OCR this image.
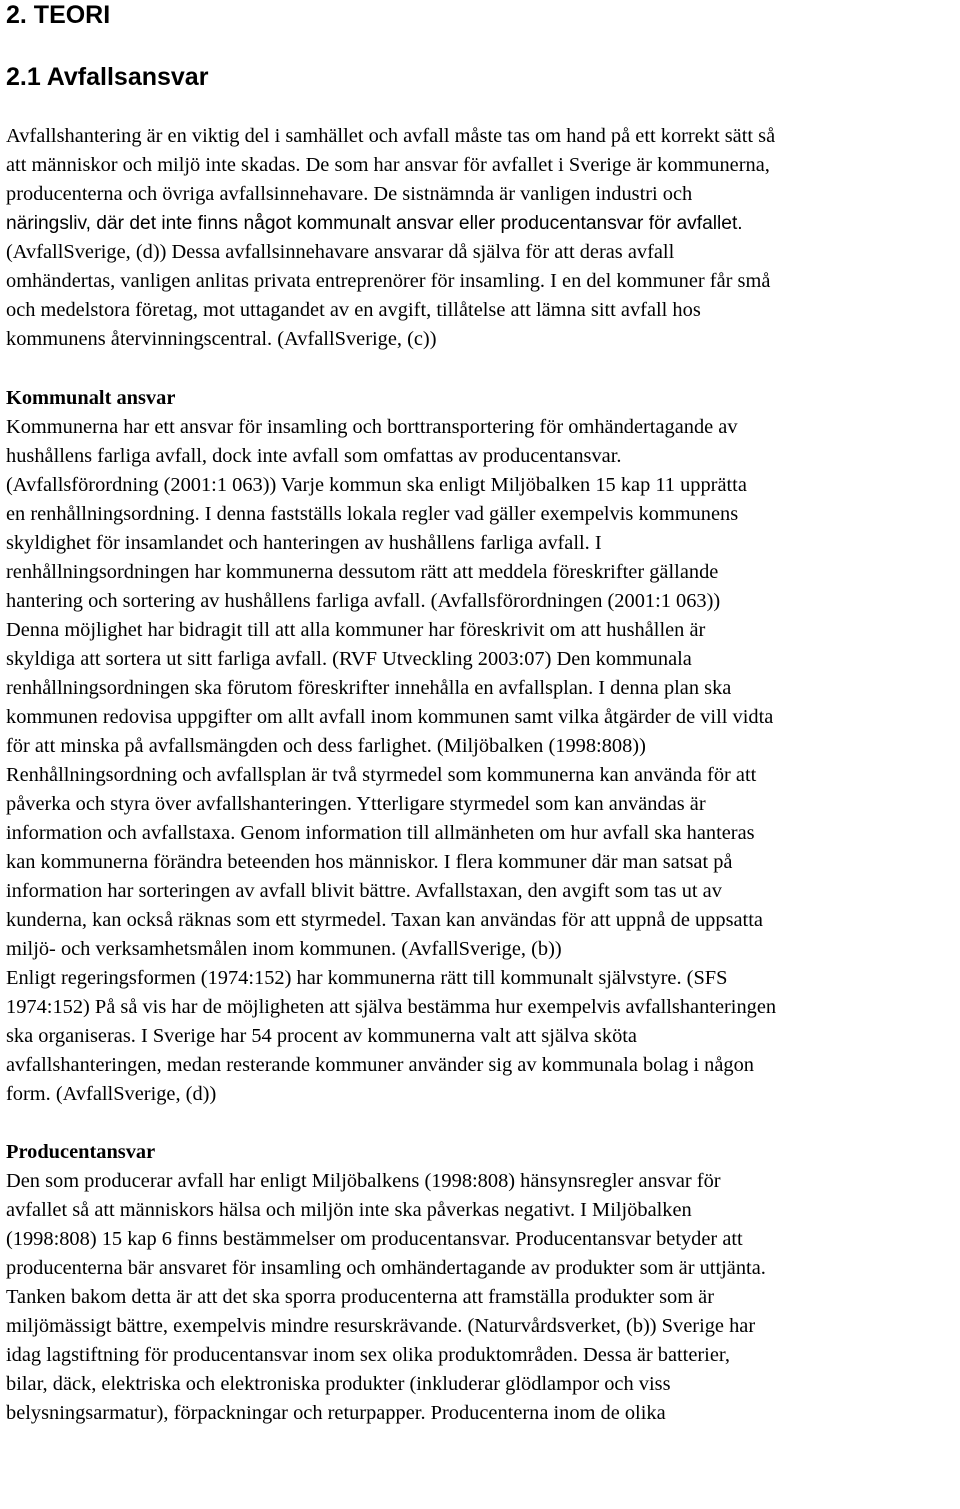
2. TEORI
2.1 Avfallsansvar
Avfallshantering är en viktig del i samhället och avfall måste tas om hand på ett korrekt sätt så
att människor och miljö inte skadas. De som har ansvar för avfallet i Sverige är kommunerna,
producenterna och övriga avfallsinnehavare. De sistnämnda är vanligen industri och
näringsliv, där det inte finns något kommunalt ansvar eller producentansvar för avfallet.
(AvfallSverige, (d)) Dessa avfallsinnehavare ansvarar då själva för att deras avfall
omhändertas, vanligen anlitas privata entreprenörer för insamling. I en del kommuner får små
och medelstora företag, mot uttagandet av en avgift, tillåtelse att lämna sitt avfall hos
kommunens återvinningscentral. (AvfallSverige, (c))
Kommunalt ansvar
Kommunerna har ett ansvar för insamling och borttransportering för omhändertagande av
hushållens farliga avfall, dock inte avfall som omfattas av producentansvar.
(Avfallsförordning (2001:1 063)) Varje kommun ska enligt Miljöbalken 15 kap 11 upprätta
en renhållningsordning. I denna fastställs lokala regler vad gäller exempelvis kommunens
skyldighet för insamlandet och hanteringen av hushållens farliga avfall. I
renhållningsordningen har kommunerna dessutom rätt att meddela föreskrifter gällande
hantering och sortering av hushållens farliga avfall. (Avfallsförordningen (2001:1 063))
Denna möjlighet har bidragit till att alla kommuner har föreskrivit om att hushållen är
skyldiga att sortera ut sitt farliga avfall. (RVF Utveckling 2003:07) Den kommunala
renhållningsordningen ska förutom föreskrifter innehålla en avfallsplan. I denna plan ska
kommunen redovisa uppgifter om allt avfall inom kommunen samt vilka åtgärder de vill vidta
för att minska på avfallsmängden och dess farlighet. (Miljöbalken (1998:808))
Renhållningsordning och avfallsplan är två styrmedel som kommunerna kan använda för att
påverka och styra över avfallshanteringen. Ytterligare styrmedel som kan användas är
information och avfallstaxa. Genom information till allmänheten om hur avfall ska hanteras
kan kommunerna förändra beteenden hos människor. I flera kommuner där man satsat på
information har sorteringen av avfall blivit bättre. Avfallstaxan, den avgift som tas ut av
kunderna, kan också räknas som ett styrmedel. Taxan kan användas för att uppnå de uppsatta
miljö- och verksamhetsmålen inom kommunen. (AvfallSverige, (b))
Enligt regeringsformen (1974:152) har kommunerna rätt till kommunalt självstyre. (SFS
1974:152) På så vis har de möjligheten att själva bestämma hur exempelvis avfallshanteringen
ska organiseras. I Sverige har 54 procent av kommunerna valt att själva sköta
avfallshanteringen, medan resterande kommuner använder sig av kommunala bolag i någon
form. (AvfallSverige, (d))
Producentansvar
Den som producerar avfall har enligt Miljöbalkens (1998:808) hänsynsregler ansvar för
avfallet så att människors hälsa och miljön inte ska påverkas negativt. I Miljöbalken
(1998:808) 15 kap 6 finns bestämmelser om producentansvar. Producentansvar betyder att
producenterna bär ansvaret för insamling och omhändertagande av produkter som är uttjänta.
Tanken bakom detta är att det ska sporra producenterna att framställa produkter som är
miljömässigt bättre, exempelvis mindre resurskrävande. (Naturvårdsverket, (b)) Sverige har
idag lagstiftning för producentansvar inom sex olika produktområden. Dessa är batterier,
bilar, däck, elektriska och elektroniska produkter (inkluderar glödlampor och viss
belysningsarmatur), förpackningar och returpapper. Producenterna inom de olika
